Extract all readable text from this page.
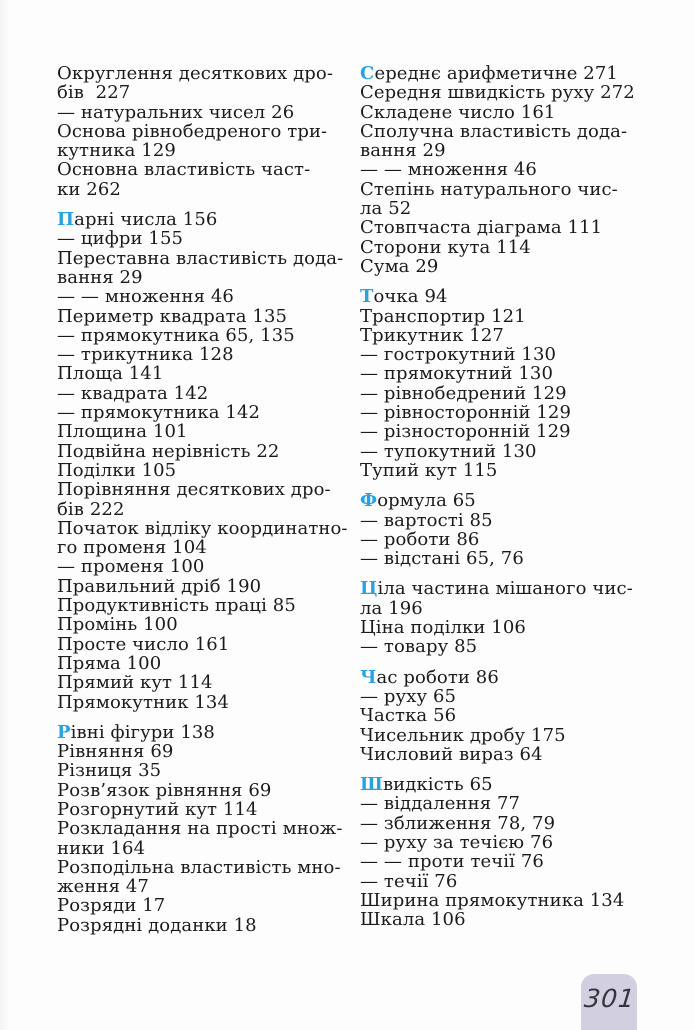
Округлення десяткових дро-
бів  227
— натуральних чисел 26
Основа рівнобедреного три-
кутника 129
Основна властивість част-
ки 262
Парні числа 156
— цифри 155
Переставна властивість дода-
вання 29
— — множення 46
Периметр квадрата 135
— прямокутника 65, 135
— трикутника 128
Площа 141
— квадрата 142
— прямокутника 142
Площина 101
Подвійна нерівність 22
Поділки 105
Порівняння десяткових дро-
бів 222
Початок відліку координатно-
го променя 104
— променя 100
Правильний дріб 190
Продуктивність праці 85
Промінь 100
Просте число 161
Пряма 100
Прямий кут 114
Прямокутник 134
Рівні фігури 138
Рівняння 69
Різниця 35
Розв’язок рівняння 69
Розгорнутий кут 114
Розкладання на прості множ-
ники 164
Розподільна властивість мно-
ження 47
Розряди 17
Розрядні доданки 18
Середнє арифметичне 271
Середня швидкість руху 272
Складене число 161
Сполучна властивість дода-
вання 29
— — множення 46
Степінь натурального чис-
ла 52
Стовпчаста діаграма 111
Сторони кута 114
Сума 29
Точка 94
Транспортир 121
Трикутник 127
— гострокутний 130
— прямокутний 130
— рівнобедрений 129
— рівносторонній 129
— різносторонній 129
— тупокутний 130
Тупий кут 115
Формула 65
— вартості 85
— роботи 86
— відстані 65, 76
Ціла частина мішаного чис-
ла 196
Ціна поділки 106
— товару 85
Час роботи 86
— руху 65
Частка 56
Чисельник дробу 175
Числовий вираз 64
Швидкість 65
— віддалення 77
— зближення 78, 79
— руху за течією 76
— — проти течії 76
— течії 76
Ширина прямокутника 134
Шкала 106
301
